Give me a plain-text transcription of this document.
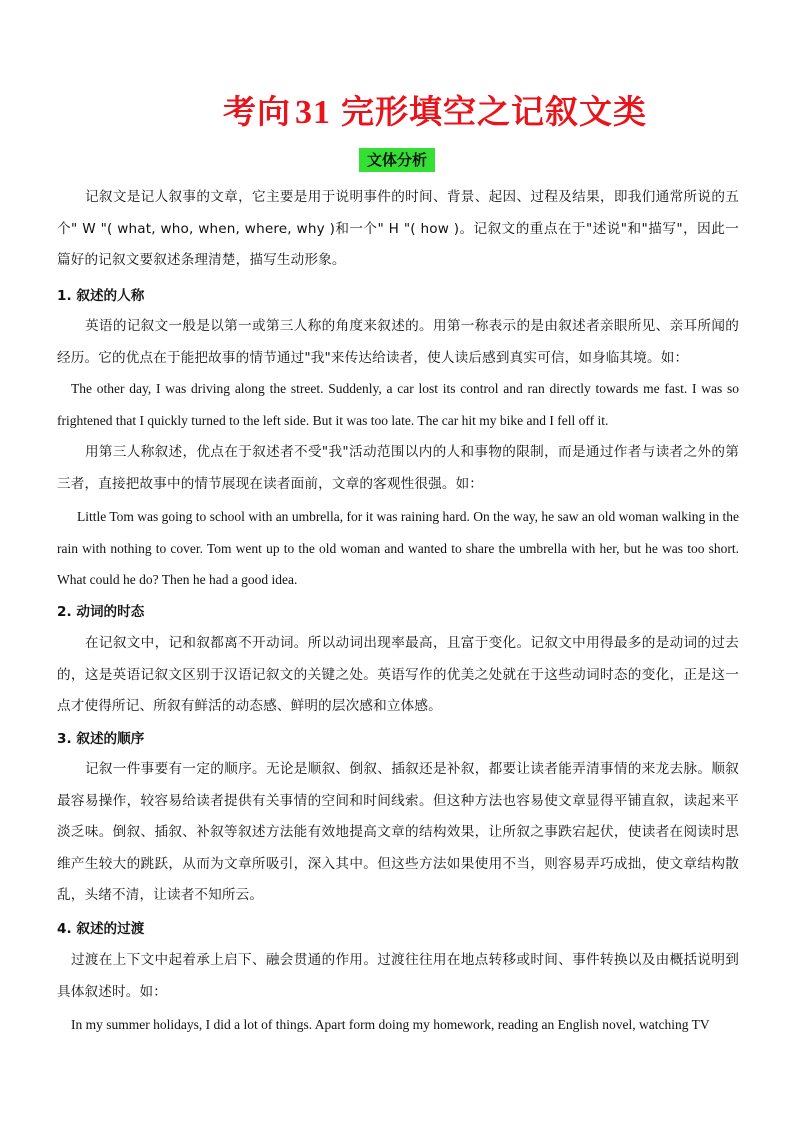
考向 31 完形填空之记叙文类
文体分析

记叙文是记人叙事的文章，它主要是用于说明事件的时间、背景、起因、过程及结果，即我们通常所说的五个" W "( what, who, when, where, why )和一个" H "( how )。记叙文的重点在于"述说"和"描写"，因此一篇好的记叙文要叙述条理清楚，描写生动形象。

1. 叙述的人称

英语的记叙文一般是以第一或第三人称的角度来叙述的。用第一称表示的是由叙述者亲眼所见、亲耳所闻的经历。它的优点在于能把故事的情节通过"我"来传达给读者，使人读后感到真实可信，如身临其境。如：

The other day, I was driving along the street. Suddenly, a car lost its control and ran directly towards me fast. I was so frightened that I quickly turned to the left side. But it was too late. The car hit my bike and I fell off it.

用第三人称叙述，优点在于叙述者不受"我"活动范围以内的人和事物的限制，而是通过作者与读者之外的第三者，直接把故事中的情节展现在读者面前，文章的客观性很强。如：

Little Tom was going to school with an umbrella, for it was raining hard. On the way, he saw an old woman walking in the rain with nothing to cover. Tom went up to the old woman and wanted to share the umbrella with her, but he was too short. What could he do? Then he had a good idea.

2. 动词的时态

在记叙文中，记和叙都离不开动词。所以动词出现率最高，且富于变化。记叙文中用得最多的是动词的过去的，这是英语记叙文区别于汉语记叙文的关键之处。英语写作的优美之处就在于这些动词时态的变化，正是这一点才使得所记、所叙有鲜活的动态感、鲜明的层次感和立体感。

3. 叙述的顺序

记叙一件事要有一定的顺序。无论是顺叙、倒叙、插叙还是补叙，都要让读者能弄清事情的来龙去脉。顺叙最容易操作，较容易给读者提供有关事情的空间和时间线索。但这种方法也容易使文章显得平铺直叙，读起来平淡乏味。倒叙、插叙、补叙等叙述方法能有效地提高文章的结构效果，让所叙之事跌宕起伏，使读者在阅读时思维产生较大的跳跃，从而为文章所吸引，深入其中。但这些方法如果使用不当，则容易弄巧成拙，使文章结构散乱，头绪不清，让读者不知所云。

4. 叙述的过渡

过渡在上下文中起着承上启下、融会贯通的作用。过渡往往用在地点转移或时间、事件转换以及由概括说明到具体叙述时。如：

In my summer holidays, I did a lot of things. Apart form doing my homework, reading an English novel, watching TV
